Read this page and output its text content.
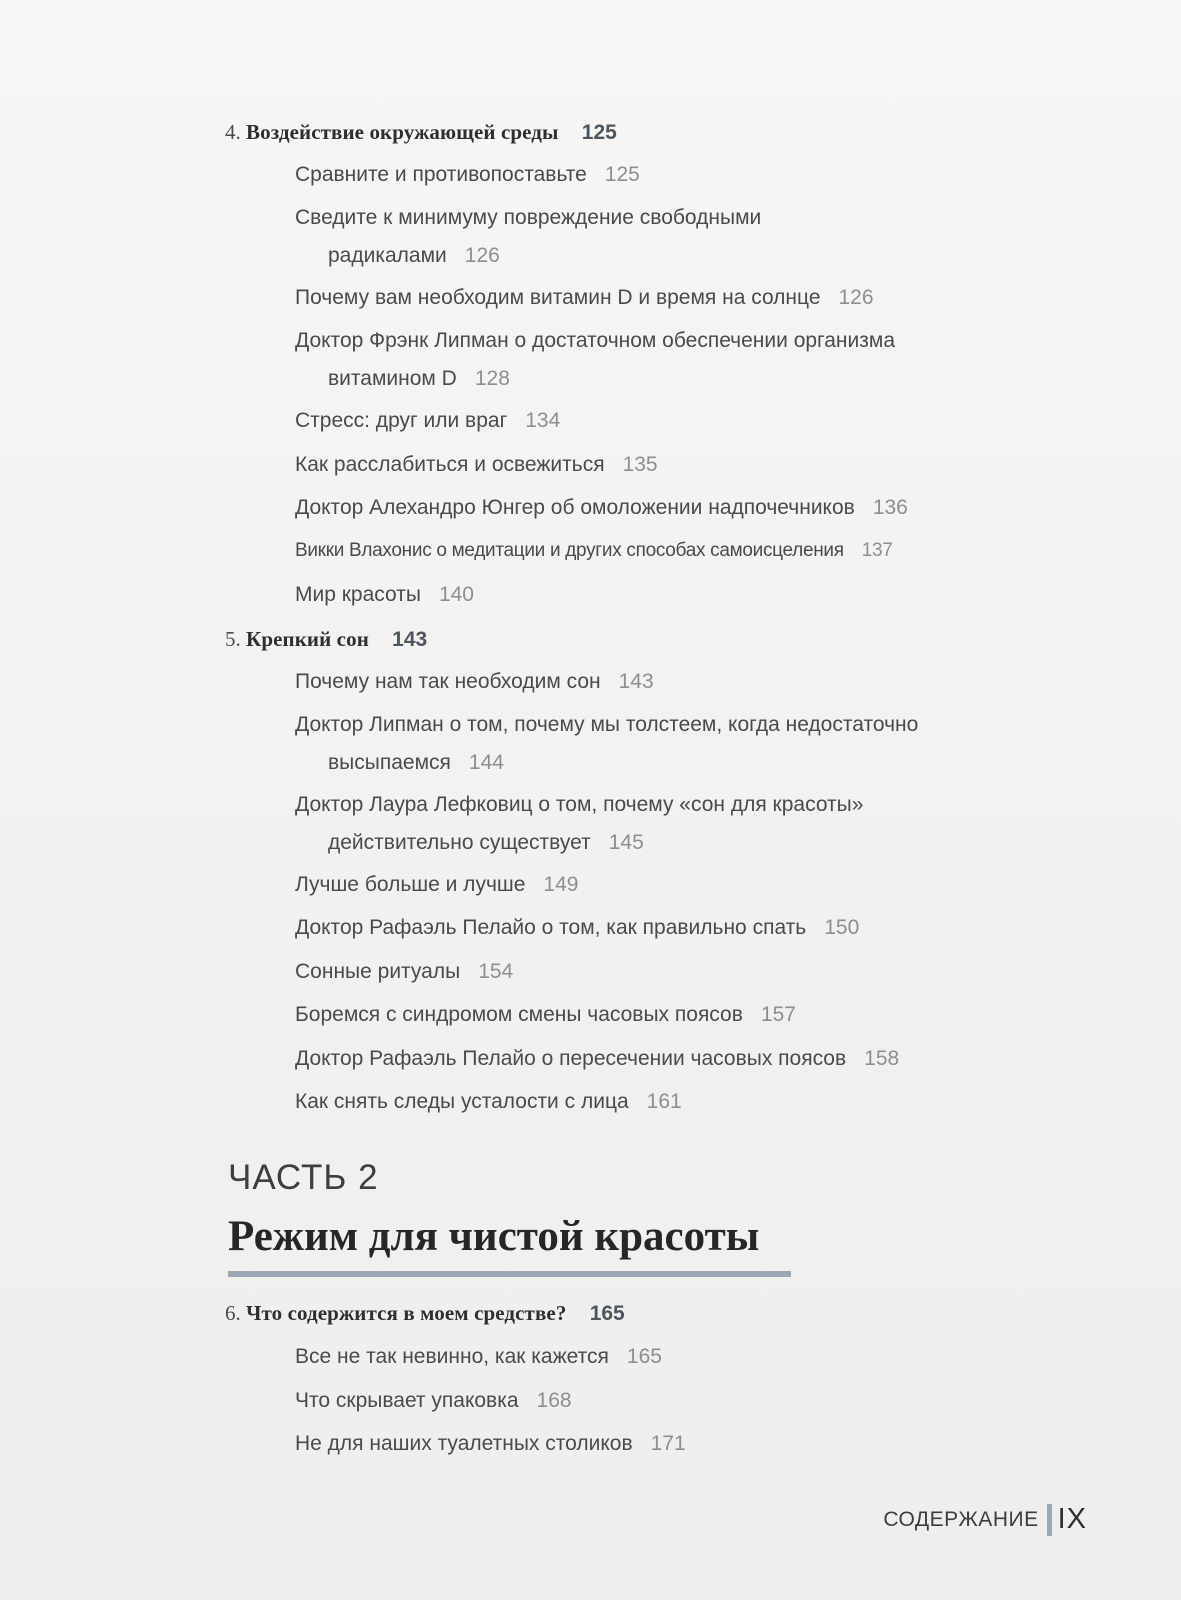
4. Воздействие окружающей среды 125
Сравните и противопоставьте 125
Сведите к минимуму повреждение свободными
радикалами 126
Почему вам необходим витамин D и время на солнце 126
Доктор Фрэнк Липман о достаточном обеспечении организма
витамином D 128
Стресс: друг или враг 134
Как расслабиться и освежиться 135
Доктор Алехандро Юнгер об омоложении надпочечников 136
Викки Влахонис о медитации и других способах самоисцеления 137
Мир красоты 140
5. Крепкий сон 143
Почему нам так необходим сон 143
Доктор Липман о том, почему мы толстеем, когда недостаточно
высыпаемся 144
Доктор Лаура Лефковиц о том, почему «сон для красоты»
действительно существует 145
Лучше больше и лучше 149
Доктор Рафаэль Пелайо о том, как правильно спать 150
Сонные ритуалы 154
Боремся с синдромом смены часовых поясов 157
Доктор Рафаэль Пелайо о пересечении часовых поясов 158
Как снять следы усталости с лица 161
ЧАСТЬ 2
Режим для чистой красоты
6. Что содержится в моем средстве? 165
Все не так невинно, как кажется 165
Что скрывает упаковка 168
Не для наших туалетных столиков 171
СОДЕРЖАНИЕ IX
